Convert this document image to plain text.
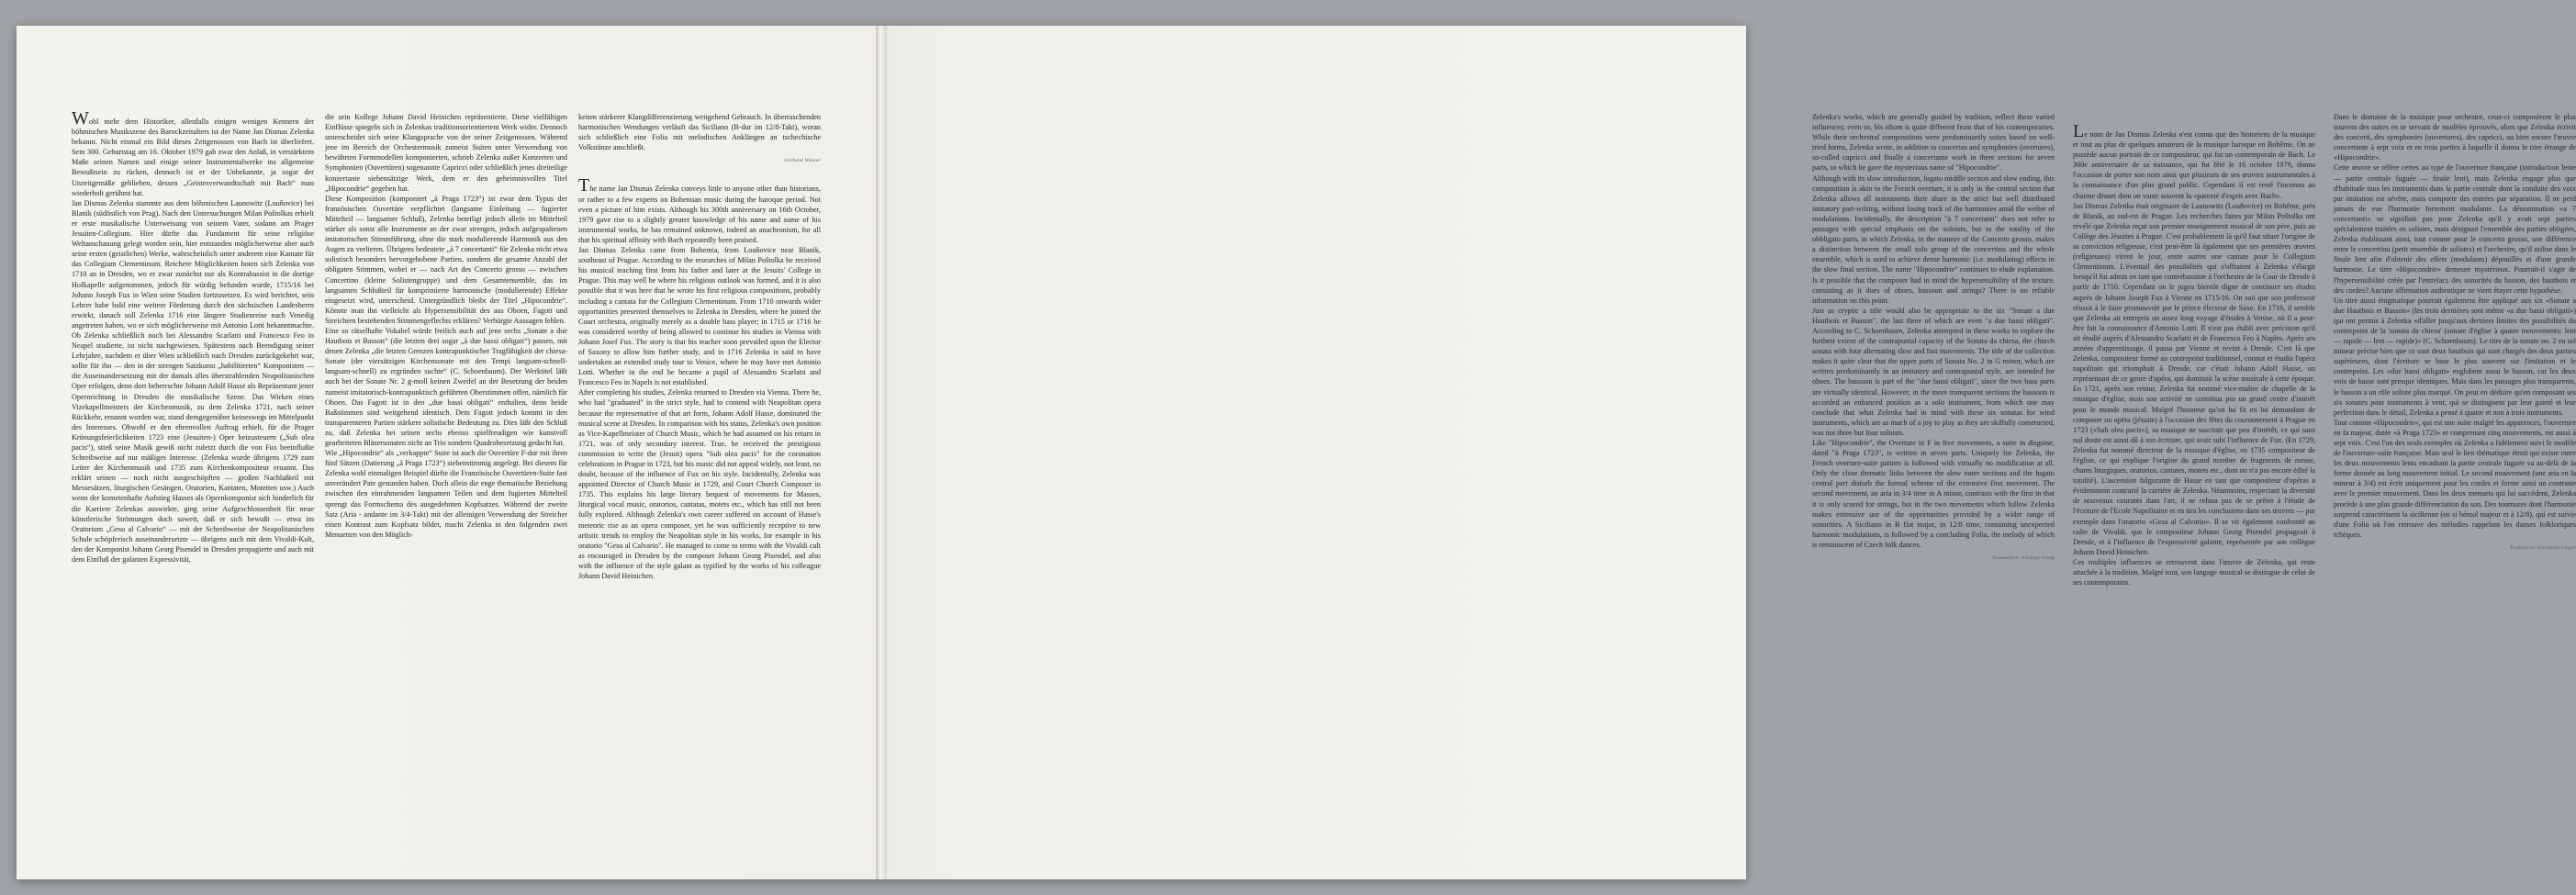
Wohl mehr dem Historiker, allenfalls einigen wenigen Kennern der böhmischen Musikszene des Barockzeitalters ist der Name Jan Dismas Zelenka bekannt. Nicht einmal ein Bild dieses Zeitgenossen von Bach ist überliefert. Sein 300. Geburtstag am 16. Oktober 1979 gab zwar den Anlaß, in verstärktem Maße seinen Namen und einige seiner Instrumentalwerke ins allgemeine Bewußtsein zu rücken, dennoch ist er der Unbekannte, ja sogar der Unzeitgemäße geblieben, dessen „Geistesverwandtschaft mit Bach“ man wiederholt gerühmt hat.

Jan Dismas Zelenka stammte aus dem böhmischen Launowitz (Louňovice) bei Blanik (südöstlich von Prag). Nach den Untersuchungen Milan Poštolkas erhielt er erste musikalische Unterweisung von seinem Vater, sodann am Prager Jesuiten-Collegium. Hier dürfte das Fundament für seine religiöse Weltanschauung gelegt worden sein, hier entstanden möglicherweise aber auch seine ersten (geistlichen) Werke, wahrscheinlich unter anderem eine Kantate für das Collegium Clementinum. Reichere Möglichkeiten boten sich Zelenka von 1710 an in Dresden, wo er zwar zunächst nur als Kontrabassist in die dortige Hofkapelle aufgenommen, jedoch für würdig befunden wurde, 1715/16 bei Johann Joseph Fux in Wien seine Studien fortzusetzen. Es wird berichtet, sein Lehrer habe bald eine weitere Förderung durch den sächsischen Landesherrn erwirkt, danach soll Zelenka 1716 eine längere Studienreise nach Venedig angetreten haben, wo er sich möglicherweise mit Antonio Lotti bekanntmachte. Ob Zelenka schließlich noch bei Alessandro Scarlatti und Francesco Feo in Neapel studierte, ist nicht nachgewiesen. Spätestens nach Beendigung seiner Lehrjahre, nachdem er über Wien schließlich nach Dresden zurückgekehrt war, sollte für ihn — den in der strengen Satzkunst „habilitierten“ Komponisten — die Auseinandersetzung mit der damals alles überstrahlenden Neapolitanischen Oper erfolgen, denn dort beherrschte Johann Adolf Hasse als Repräsentant jener Opernrichtung in Dresden die musikalische Szene. Das Wirken eines Vizekapellmeisters der Kirchenmusik, zu dem Zelenka 1721, nach seiner Rückkehr, ernannt worden war, stand demgegenüber keineswegs im Mittelpunkt des Interesses. Obwohl er den ehrenvollen Auftrag erhielt, für die Prager Krönungsfeierlichkeiten 1723 eine (Jesuiten-) Oper beizusteuern („Sub olea pacis“), stieß seine Musik gewiß nicht zuletzt durch die von Fux beeinflußte Schreibweise auf nur mäßiges Interesse. (Zelenka wurde übrigens 1729 zum Leiter der Kirchenmusik und 1735 zum Kirchenkompositeur ernannt. Das erklärt seinen — noch nicht ausgeschöpften — großen Nachlaßteil mit Messesätzen, liturgischen Gesängen, Oratorien, Kantaten, Motetten usw.) Auch wenn der kometenhafte Aufstieg Hasses als Opernkomponist sich hinderlich für die Karriere Zelenkas auswirkte, ging seine Aufgeschlossenheit für neue künstlerische Strömungen doch soweit, daß er sich bewußt — etwa im Oratorium „Gesu al Calvario“ — mit der Schreibweise der Neapolitanischen Schule schöpferisch auseinandersetzte — übrigens auch mit dem Vivaldi-Kult, den der Komponist Johann Georg Pisendel in Dresden propagierte und auch mit dem Einfluß der galanten Expressivität,

die sein Kollege Johann David Heinichen repräsentierte. Diese vielfältigen Einflüsse spiegeln sich in Zelenkas traditionsorientiertem Werk wider. Dennoch unterscheidet sich seine Klangsprache von der seiner Zeitgenossen. Während jene im Bereich der Orchestermusik zumeist Suiten unter Verwendung von bewährten Formmodellen komponierten, schrieb Zelenka außer Konzerten und Symphonien (Ouvertüren) sogenannte Capricci oder schließlich jenes dreiteilige konzertante siebensätzige Werk, dem er den geheimnisvollen Titel „Hipocondrie“ gegeben hat.

Diese Komposition (komponiert „à Praga 1723“) ist zwar dem Typus der französischen Ouvertüre verpflichtet (langsame Einleitung — fugierter Mittelteil — langsamer Schluß), Zelenka beteiligt jedoch allein im Mittelteil stärker als sonst alle Instrumente an der zwar strengen, jedoch aufgespaltenen imitatorischen Stimmführung, ohne die stark modulierende Harmonik aus den Augen zu verlieren. Übrigens bedeutete „à 7 concertanti“ für Zelenka nicht etwa solistisch besonders hervorgehobene Partien, sondern die gesamte Anzahl der obligaten Stimmen, wobei er — nach Art des Concerto grosso — zwischen Concertino (kleine Solistengruppe) und dem Gesamtensemble, das im langsamen Schlußteil für komprimierte harmonische (modulierende) Effekte eingesetzt wird, unterscheid. Untergründlich bleibt der Titel „Hipocondrie“. Könnte man ihn vielleicht als Hypersensibilität des aus Oboen, Fagott und Streichern bestehenden Stimmengeflechts erklären? Verbürgte Aussagen fehlen.

Eine so rätselhafte Vokabel würde freilich auch auf jene sechs „Sonate a due Hautbois et Basson“ (die letzten drei sogar „à due bassi obligati“) passen, mit denen Zelenka „die letzten Grenzen kontrapunktischer Tragfähigkeit der chiesa-Sonate (der viersätzigen Kirchensonate mit den Tempi langsam-schnell-langsam-schnell) zu ergründen suchte“ (C. Schoenbaum). Der Werktitel läßt auch bei der Sonate Nr. 2 g-moll keinen Zweifel an der Besetzung der beiden zumeist imitatorisch-kontrapunktisch geführten Oberstimmen offen, nämlich für Oboen. Das Fagott ist in den „due bassi obligati“ enthalten, denn beide Baßstimmen sind weitgehend identisch. Dem Fagott jedoch kommt in den transparenteren Partien stärkere solistische Bedeutung zu. Dies läßt den Schluß zu, daß Zelenka bei seinen sechs ebenso spielfreudigen wie kunstvoll gearbeiteten Bläsersonaten nicht an Trio sondern Quadrobesetzung gedacht hat.

Wie „Hipocondrie“ als „verkappte“ Suite ist auch die Ouvertüre F-dur mit ihren fünf Sätzen (Datierung „à Praga 1723“) siebenstimmig angelegt. Bei diesem für Zelenka wohl einmaligen Beispiel dürfte die Französische Ouvertüren-Suite fast unverändert Pate gestanden haben. Doch allein die enge thematische Beziehung zwischen den einrahmenden langsamen Teilen und dem fugierten Mittelteil sprengt das Formschema des ausgedehnten Kopfsatzes. Während der zweite Satz (Aria - andante im 3/4-Takt) mit der alleinigen Verwendung der Streicher einen Kontrast zum Kopfsatz bildet, macht Zelenka in den folgenden zwei Menuetten von den Möglich-

keiten stärkerer Klangdifferenzierung weitgehend Gebrauch. In überraschenden harmonischen Wendungen verläuft das Siciliano (B-dur im 12/8-Takt), woran sich schließlich eine Folia mit melodischen Anklängen an tschechische Volkstänze anschließt.

Gerhard Wiener

The name Jan Dismas Zelenka conveys little to anyone other than historians, or rather to a few experts on Bohemian music during the baroque period. Not even a picture of him exists. Although his 300th anniversary on 16th October, 1979 gave rise to a slightly greater knowledge of his name and some of his instrumental works, he has remained unknown, indeed an anachronism, for all that his spiritual affinity with Bach repeatedly been praised.

Jan Dismas Zelenka came from Bohemia, from Louňovice near Blanik, southeast of Prague. According to the researches of Milan Poštolka he received his musical teaching first from his father and later at the Jesuits' College in Prague. This may well be where his religious outlook was formed, and it is also possible that it was here that he wrote his first religious compositions, probably including a cantata for the Collegium Clementinum. From 1710 onwards wider opportunities presented themselves to Zelenka in Dresden, where he joined the Court orchestra, originally merely as a double bass player; in 1715 or 1716 he was considered worthy of being allowed to continue his studies in Vienna with Johann Josef Fux. The story is that his teacher soon prevailed upon the Elector of Saxony to allow him further study, and in 1716 Zelenka is said to have undertaken an extended study tour to Venice, where he may have met Antonio Lotti. Whether in the end he became a pupil of Alessandro Scarlatti and Francesco Feo in Napels is not established.

After completing his studies, Zelenka returned to Dresden via Vienna. There he, who had "graduated" in the strict style, had to contend with Neapolitan opera because the representative of that art form, Johann Adolf Hasse, dominated the musical scene at Dresden. In comparison with his status, Zelenka's own position as Vice-Kapellmeister of Church Music, which he had assumed on his return in 1721, was of only secondary interest. True, he received the prestigious commission to write the (Jesuit) opera "Sub olea pacis" for the coronation celebrations in Prague in 1723, but his music did not appeal widely, not least, no doubt, because of the influence of Fux on his style. Incidentally, Zelenka was appointed Director of Church Music in 1729, and Court Church Composer in 1735. This explains his large literary bequest of movements for Masses, liturgical vocal music, oratorios, cantatas, motets etc., which has still not been fully explored. Although Zelenka's own career suffered on account of Hasse's meteoric rise as an opera composer, yet he was sufficiently receptive to new artistic trends to employ the Neapolitan style in his works, for example in his oratorio "Gesu al Calvario". He managed to come to terms with the Vivaldi cult as encouraged in Dresden by the composer Johann Georg Pisendel, and also with the influence of the style galant as typified by the works of his colleague Johann David Heinichen.

Zelenka's works, which are generally guided by tradition, reflect these varied influences; even so, his idiom is quite different from that of his contemporaries. While their orchestral compositions were predominantly suites based on well-tried forms, Zelenka wrote, in addition to concertos and symphonies (overtures), so-called capricci and finally a concertante work in three sections for seven parts, to which he gave the mysterious name of "Hipocondrie".

Although with its slow introduction, fugato middle section and slow ending, this composition is akin to the French overture, it is only in the central section that Zelenka allows all instruments their share in the strict but well distributed imitatory part-writing, without losing track of the harmonies amid the welter of modulations. Incidentally, the description "à 7 concertanti" does not refer to passages with special emphasis on the soloists, but to the totality of the obbligato parts, in which Zelenka, in the manner of the Concerto grosso, makes a distinction between the small solo group of the concertino and the whole ensemble, which is used to achieve dense harmonic (i.e. modulating) effects in the slow final section. The name "Hipocondrie" continues to elude explanation. Is it possible that the composer had in mind the hypersensibility of the texture, consisting as it does of oboes, bassoon and strings? There is no reliable information on this point.

Just as cryptic a title would also be appropriate to the six "Sonate a due Hautbois et Basson", the last three of which are even "a due bassi obligati". According to C. Schoenbaum, Zelenka attempted in these works to explore the furthest extent of the contrapuntal capacity of the Sonata da chiesa, the church sonata with four alternating slow and fast movements. The title of the collection makes it quite clear that the upper parts of Sonata No. 2 in G minor, which are written predominantly in an imitatory and contrapuntal style, are intended for oboes. The bassoon is part of the "due bassi obligati", since the two bass parts are virtually identical. However, in the more transparent sections the bassoon is accorded an enhanced position as a solo instrument, from which one may conclude that what Zelenka had in mind with these six sonatas for wind instruments, which are as much of a joy to play as they are skilfully constructed, was not three but four soloists.

Like "Hipocondrie", the Overture in F in five movements, a suite in disguise, dated "à Praga 1723", is written in seven parts. Uniquely for Zelenka, the French overture-suite pattern is followed with virtually no modification at all. Only the close thematic links between the slow outer sections and the fugato central part disturb the formal scheme of the extensive first movement. The second movement, an aria in 3/4 time in A minor, contrasts with the first in that it is only scored for strings, but in the two movements which follow Zelenka makes extensive use of the opportunities provided by a wider range of sonorities. A Siciliano in B flat major, in 12/8 time, containing unexpected harmonic modulations, is followed by a concluding Folia, the melody of which is reminiscent of Czech folk dances.

Translation: Lindsay Craig

Le nom de Jan Dismas Zelenka n'est connu que des historiens de la musique et tout au plus de quelques amateurs de la musique baroque en Bohême. On ne possède aucun portrait de ce compositeur, qui fut un contemporain de Bach. Le 300e anniversaire de sa naissance, qui fut fêté le 16 octobre 1979, donna l'occasion de porter son nom ainsi que plusieurs de ses œuvres instrumentales à la connaissance d'un plus grand public. Cependant il est resté l'inconnu au charme désuet dont on vante souvent la «parenté d'esprit avec Bach».

Jan Dismas Zelenka était originaire de Launowitz (Louňovice) en Bohême, près de Blanik, au sud-est de Prague. Les recherches faites par Milan Poštolka ont révélé que Zelenka reçut son premier enseignement musical de son père, puis au Collège des Jésuites à Prague. C'est probablement là qu'il faut situer l'origine de sa conviction religieuse, c'est peut-être là également que ses premières œuvres (religieuses) virent le jour, entre autres une cantate pour le Collegium Clementinum. L'éventail des possibilités qui s'offraient à Zelenka s'élargit lorsqu'il fut admis en tant que contrebassiste à l'orchestre de la Cour de Dresde à partir de 1710. Cependant on le jugea bientôt digne de continuer ses études auprès de Johann Joseph Fux à Vienne en 1715/16. On sait que son professeur réussit à le faire promouvoir par le prince électeur de Saxe. En 1716, il semble que Zelenka ait entrepris un assez long voyage d'études à Venise, où il a peut-être fait la connaissance d'Antonio Lotti. Il n'est pas établi avec précision qu'il ait étudié auprès d'Alessandro Scarlatti et de Francesco Feo à Naples. Après ses années d'apprentissage, il passa par Vienne et revint à Dresde. C'est là que Zelenka, compositeur formé au contrepoint traditionnel, connut et étudia l'opéra napolitain qui triomphait à Dresde, car c'était Johann Adolf Hasse, un représentant de ce genre d'opéra, qui dominait la scène musicale à cette époque. En 1721, après son retour, Zelenka fut nommé vice-maître de chapelle de la musique d'église, mais son activité ne constitua pas un grand centre d'intérêt pour le monde musical. Malgré l'honneur qu'on lui fit en lui demandant de composer un opéra (jésuite) à l'occasion des fêtes du couronnement à Prague en 1723 («Sub olea pacis»), sa musique ne suscitait que peu d'intérêt, ce qui sans nul doute est aussi dû à son écriture, qui avait subi l'influence de Fux. (En 1729, Zelenka fut nommé directeur de la musique d'église, en 1735 compositeur de l'église, ce qui explique l'origine du grand nombre de fragments de messe, chants liturgiques, oratorios, cantates, motets etc., dont on n'a pas encore édité la totalité). L'ascension fulgurante de Hasse en tant que compositeur d'opéras a évidemment contrarié la carrière de Zelenka. Néanmoins, respectant la diversité de nouveaux courants dans l'art, il ne refusa pas de se prêter à l'étude de l'écriture de l'Ecole Napolitaine et en tira les conclusions dans ses œuvres — par exemple dans l'oratorio «Gesu al Calvario». Il se vit également confronté au culte de Vivaldi, que le compositeur Johann Georg Pisendel propageait à Dresde, et à l'influence de l'expressivité galante, représentée par son collègue Johann David Heinichen.

Ces multiples influences se retrouvent dans l'œuvre de Zelenka, qui reste attachée à la tradition. Malgré tout, son langage musical se distingue de celui de ses contemporains.

Dans le domaine de la musique pour orchestre, ceux-ci composèrent le plus souvent des suites en se servant de modèles éprouvés, alors que Zelenka écrivit des concerti, des symphonies (ouvertures), des capricci, ou bien encore l'œuvre concertante à sept voix et en trois parties à laquelle il donna le titre étrange de «Hipocondrie».

Cette œuvre se réfère certes au type de l'ouverture française (introduction lente — partie centrale fuguée — finale lent), mais Zelenka engage plus que d'habitude tous les instruments dans la partie centrale dont la conduite des voix par imitation est sévère, mais comporte des entrées par séparation. Il ne perd jamais de vue l'harmonie fortement modulante. La dénomination «a 7 concertanti» ne signifiait pas pour Zelenka qu'il y avait sept parties spécialement traitées en solistes, mais désignait l'ensemble des parties obligées, Zelenka établissant ainsi, tout comme pour le concerto grosso, une différence entre le concertino (petit ensemble de solistes) et l'orchestre, qu'il utilise dans le finale lent afin d'obtenir des effets (modulants) dépouillés et d'une grande harmonie. Le titre «Hipocondrie» demeure mystérieux. Pourrait-il s'agir de l'hypersensibilité créée par l'entrelacs des sonorités du basson, des hautbois et des cordes? Aucune affirmation authentique ne vient étayer cette hypothèse.

Un titre aussi énigmatique pourrait également être appliqué aux six «Sonate a due Hautbois et Basson» (les trois dernières sont même «a due bassi obligati») qui ont permis à Zelenka «d'aller jusqu'aux derniers limites des possibilités du contrepoint de la 'sonata da chiesa' (sonate d'église à quatre mouvements: lent — rapide — lent — rapide)» (C. Schoenbaum). Le titre de la sonate no. 2 en sol mineur précise bien que ce sont deux hautbois qui sont chargés des deux parties supérieures, dont l'écriture se base le plus souvent sur l'imitation et le contrepoint. Les «due bassi obligati» englobent aussi le basson, car les deux voix de basse sont presque identiques. Mais dans les passages plus transparents, le basson a un rôle soliste plus marqué. On peut en déduire qu'en composant ses six sonates pour instruments à vent, qui se distinguent par leur gaieté et leur perfection dans le détail, Zelenka a pensé à quatre et non à trois instruments.

Tout comme «Hipocondrie», qui est une suite malgré les apparences, l'ouverture en fa majeur, datée «à Praga 1723» et comprenant cinq mouvements, est aussi à sept voix. C'est l'un des seuls exemples où Zelenka a fidèlement suivi le modèle de l'ouverture-suite française. Mais seul le lien thématique étroit qui existe entre les deux mouvements lents encadrant la partie centrale fuguée va au-delà de la forme donnée au long mouvement initial. Le second mouvement (une aria en la mineur à 3/4) est écrit uniquement pour les cordes et forme ainsi un contraste avec le premier mouvement. Dans les deux menuets qui lui succèdent, Zelenka procède à une plus grande différenciation du son. Des tournures dont l'harmonie surprend caractérisent la sicilienne (en si bémol majeur et à 12/8), qui est suivie d'une Folia où l'on retrouve des mélodies rappelant les danses folkloriques tchèques.

Traduction: Elisabeth Lieger
